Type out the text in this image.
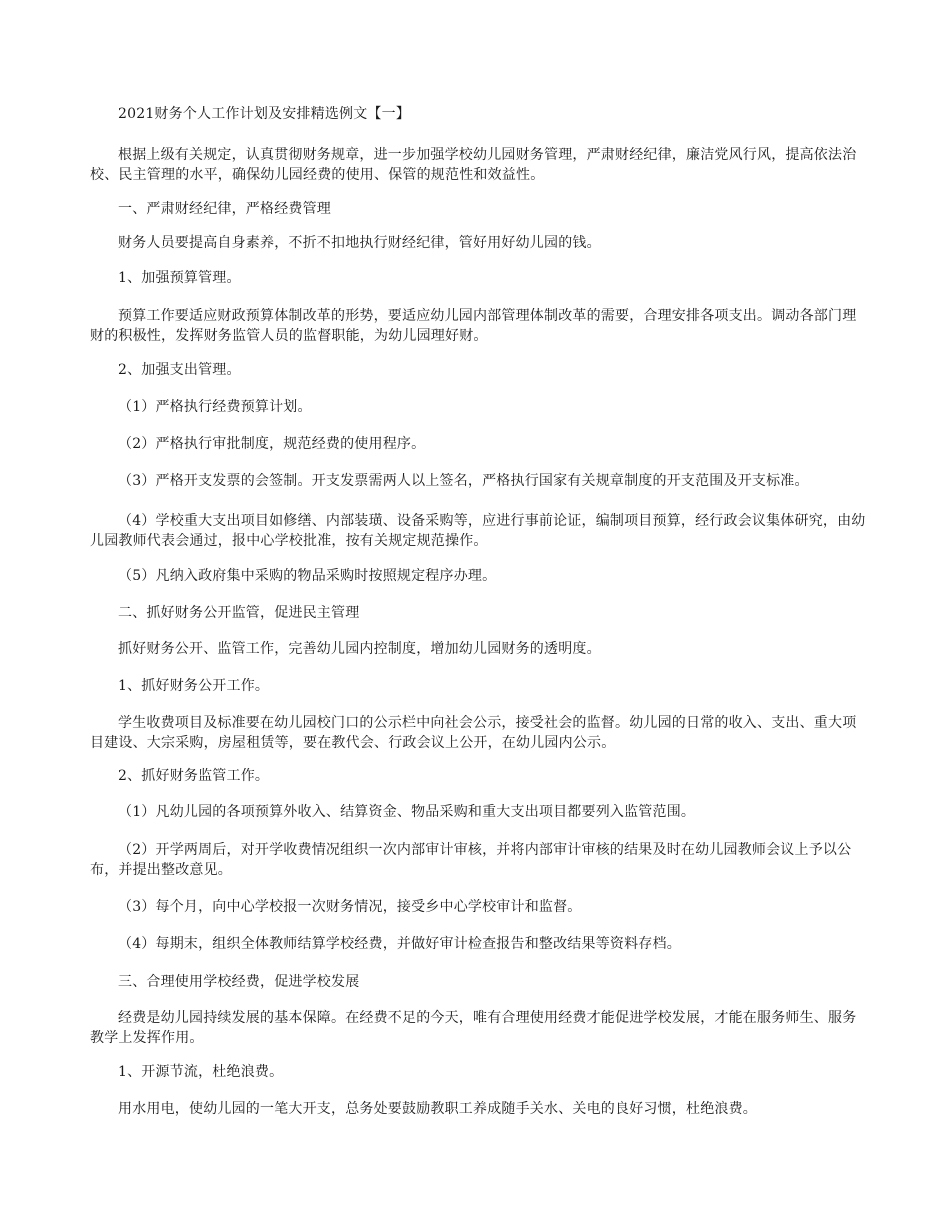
2021财务个人工作计划及安排精选例文【一】

根据上级有关规定，认真贯彻财务规章，进一步加强学校幼儿园财务管理，严肃财经纪律，廉洁党风行风，提高依法治校、民主管理的水平，确保幼儿园经费的使用、保管的规范性和效益性。

一、严肃财经纪律，严格经费管理

财务人员要提高自身素养，不折不扣地执行财经纪律，管好用好幼儿园的钱。

1、加强预算管理。

预算工作要适应财政预算体制改革的形势，要适应幼儿园内部管理体制改革的需要，合理安排各项支出。调动各部门理财的积极性，发挥财务监管人员的监督职能，为幼儿园理好财。

2、加强支出管理。

（1）严格执行经费预算计划。

（2）严格执行审批制度，规范经费的使用程序。

（3）严格开支发票的会签制。开支发票需两人以上签名，严格执行国家有关规章制度的开支范围及开支标准。

（4）学校重大支出项目如修缮、内部装璜、设备采购等，应进行事前论证，编制项目预算，经行政会议集体研究，由幼儿园教师代表会通过，报中心学校批准，按有关规定规范操作。

（5）凡纳入政府集中采购的物品采购时按照规定程序办理。

二、抓好财务公开监管，促进民主管理

抓好财务公开、监管工作，完善幼儿园内控制度，增加幼儿园财务的透明度。

1、抓好财务公开工作。

学生收费项目及标准要在幼儿园校门口的公示栏中向社会公示，接受社会的监督。幼儿园的日常的收入、支出、重大项目建设、大宗采购，房屋租赁等，要在教代会、行政会议上公开，在幼儿园内公示。

2、抓好财务监管工作。

（1）凡幼儿园的各项预算外收入、结算资金、物品采购和重大支出项目都要列入监管范围。

（2）开学两周后，对开学收费情况组织一次内部审计审核，并将内部审计审核的结果及时在幼儿园教师会议上予以公布，并提出整改意见。

（3）每个月，向中心学校报一次财务情况，接受乡中心学校审计和监督。

（4）每期末，组织全体教师结算学校经费，并做好审计检查报告和整改结果等资料存档。

三、合理使用学校经费，促进学校发展

经费是幼儿园持续发展的基本保障。在经费不足的今天，唯有合理使用经费才能促进学校发展，才能在服务师生、服务教学上发挥作用。

1、开源节流，杜绝浪费。

用水用电，使幼儿园的一笔大开支，总务处要鼓励教职工养成随手关水、关电的良好习惯，杜绝浪费。
